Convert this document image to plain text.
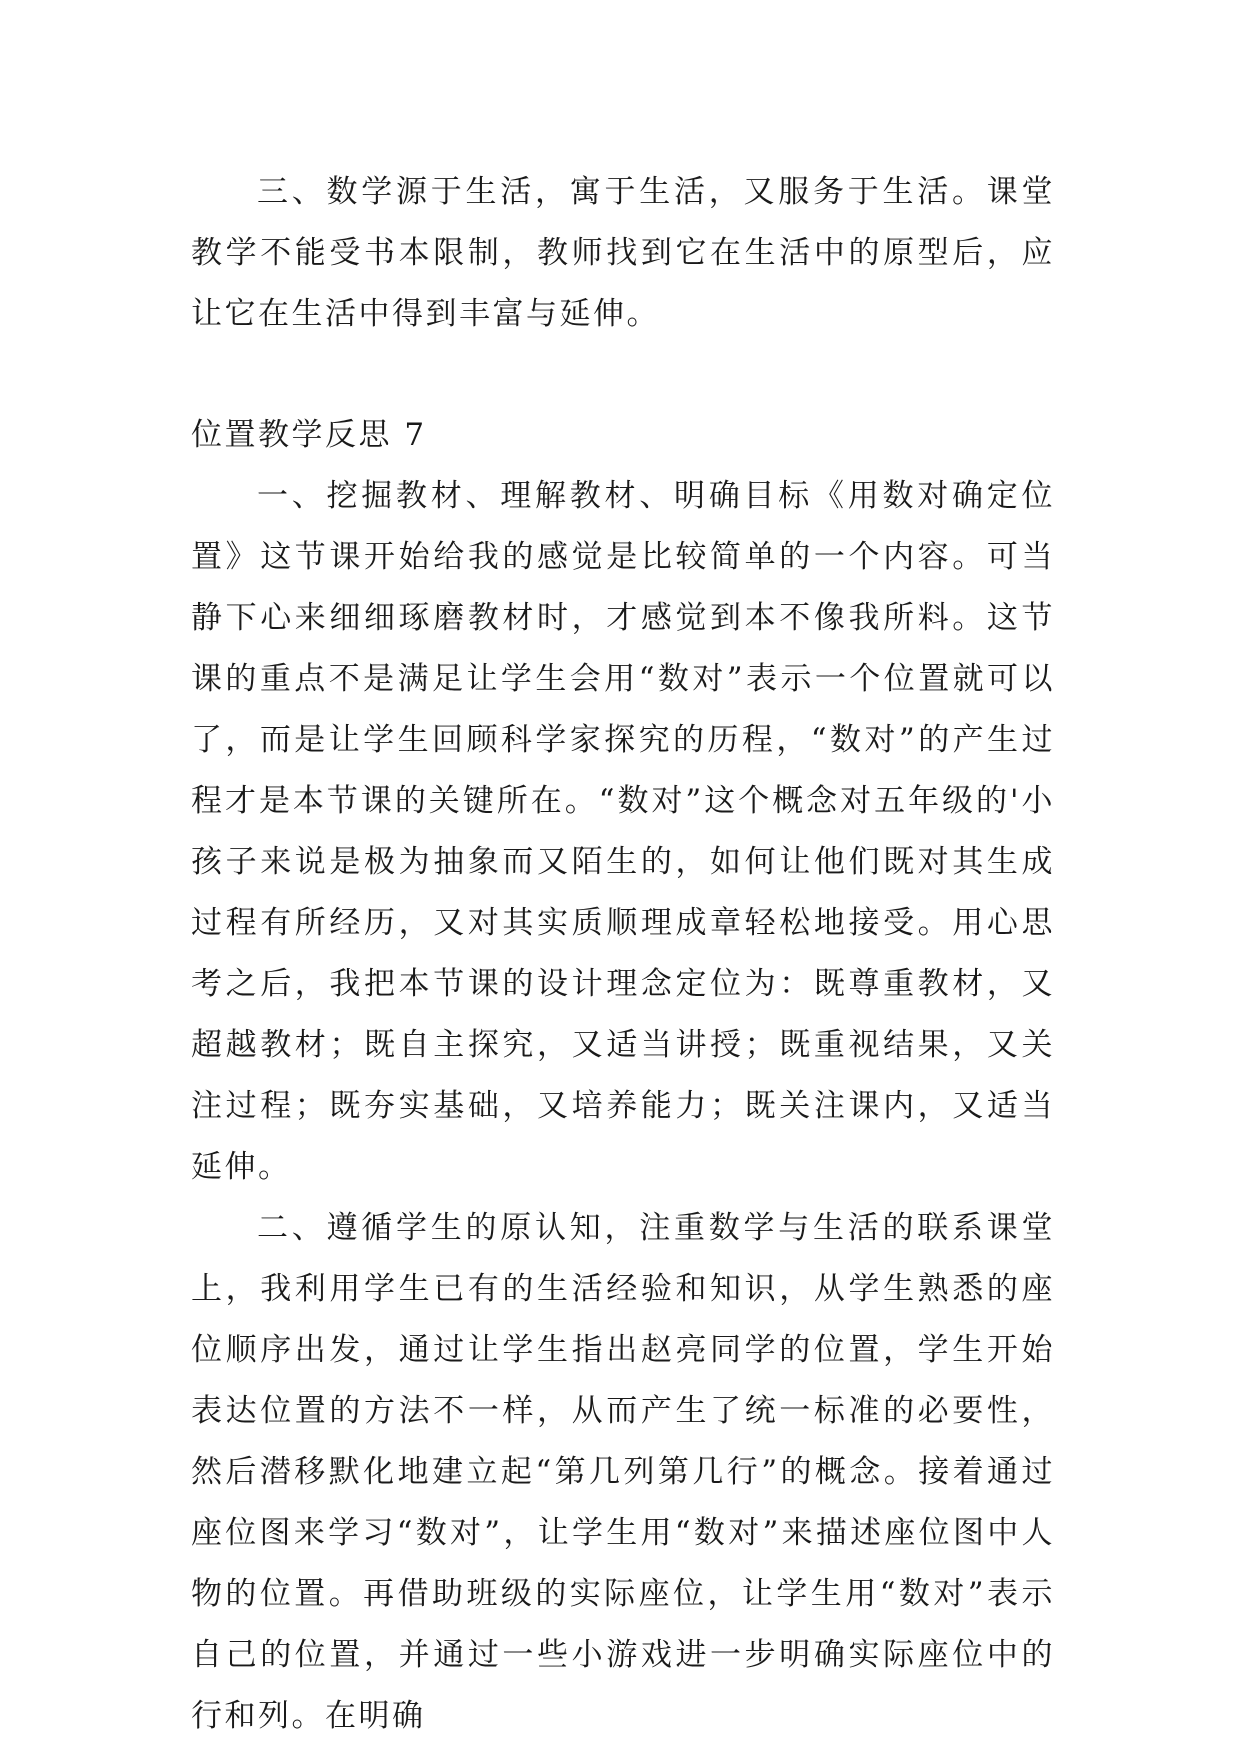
三、数学源于生活，寓于生活，又服务于生活。课堂教学不能受书本限制，教师找到它在生活中的原型后，应让它在生活中得到丰富与延伸。

位置教学反思 7

一、挖掘教材、理解教材、明确目标《用数对确定位置》这节课开始给我的感觉是比较简单的一个内容。可当静下心来细细琢磨教材时，才感觉到本不像我所料。这节课的重点不是满足让学生会用“数对”表示一个位置就可以了，而是让学生回顾科学家探究的历程，“数对”的产生过程才是本节课的关键所在。“数对”这个概念对五年级的'小孩子来说是极为抽象而又陌生的，如何让他们既对其生成过程有所经历，又对其实质顺理成章轻松地接受。用心思考之后，我把本节课的设计理念定位为：既尊重教材，又超越教材；既自主探究，又适当讲授；既重视结果，又关注过程；既夯实基础，又培养能力；既关注课内，又适当延伸。

二、遵循学生的原认知，注重数学与生活的联系课堂上，我利用学生已有的生活经验和知识，从学生熟悉的座位顺序出发，通过让学生指出赵亮同学的位置，学生开始表达位置的方法不一样，从而产生了统一标准的必要性，然后潜移默化地建立起“第几列第几行”的概念。接着通过座位图来学习“数对”，让学生用“数对”来描述座位图中人物的位置。再借助班级的实际座位，让学生用“数对”表示自己的位置，并通过一些小游戏进一步明确实际座位中的行和列。在明确
